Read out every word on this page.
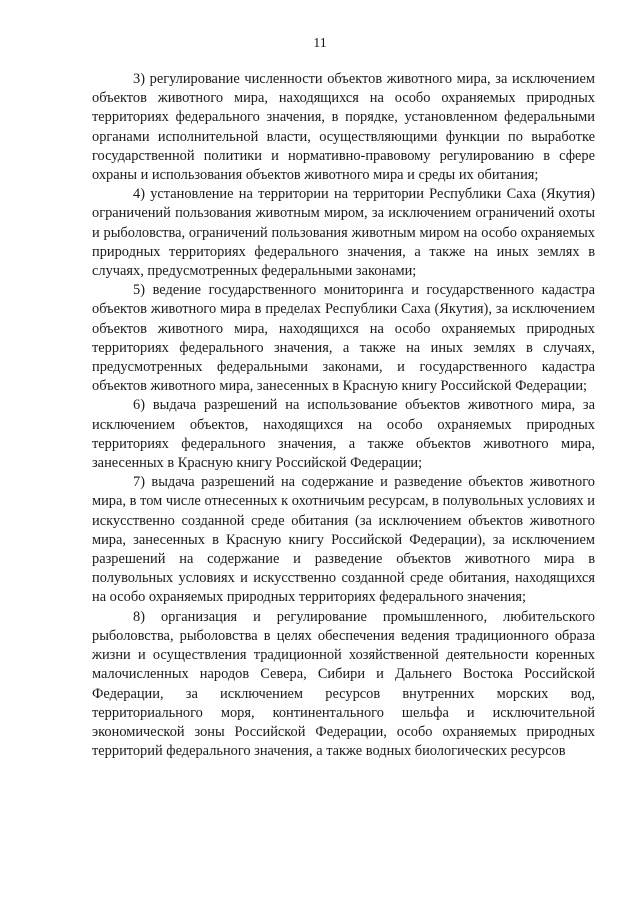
11

3) регулирование численности объектов животного мира, за исключением объектов животного мира, находящихся на особо охраняемых природных территориях федерального значения, в порядке, установленном федеральными органами исполнительной власти, осуществляющими функции по выработке государственной политики и нормативно-правовому регулированию в сфере охраны и использования объектов животного мира и среды их обитания;

4) установление на территории на территории Республики Саха (Якутия) ограничений пользования животным миром, за исключением ограничений охоты и рыболовства, ограничений пользования животным миром на особо охраняемых природных территориях федерального значения, а также на иных землях в случаях, предусмотренных федеральными законами;

5) ведение государственного мониторинга и государственного кадастра объектов животного мира в пределах Республики Саха (Якутия), за исключением объектов животного мира, находящихся на особо охраняемых природных территориях федерального значения, а также на иных землях в случаях, предусмотренных федеральными законами, и государственного кадастра объектов животного мира, занесенных в Красную книгу Российской Федерации;

6) выдача разрешений на использование объектов животного мира, за исключением объектов, находящихся на особо охраняемых природных территориях федерального значения, а также объектов животного мира, занесенных в Красную книгу Российской Федерации;

7) выдача разрешений на содержание и разведение объектов животного мира, в том числе отнесенных к охотничьим ресурсам, в полувольных условиях и искусственно созданной среде обитания (за исключением объектов животного мира, занесенных в Красную книгу Российской Федерации), за исключением разрешений на содержание и разведение объектов животного мира в полувольных условиях и искусственно созданной среде обитания, находящихся на особо охраняемых природных территориях федерального значения;

8) организация и регулирование промышленного, любительского рыболовства, рыболовства в целях обеспечения ведения традиционного образа жизни и осуществления традиционной хозяйственной деятельности коренных малочисленных народов Севера, Сибири и Дальнего Востока Российской Федерации, за исключением ресурсов внутренних морских вод, территориального моря, континентального шельфа и исключительной экономической зоны Российской Федерации, особо охраняемых природных территорий федерального значения, а также водных биологических ресурсов
